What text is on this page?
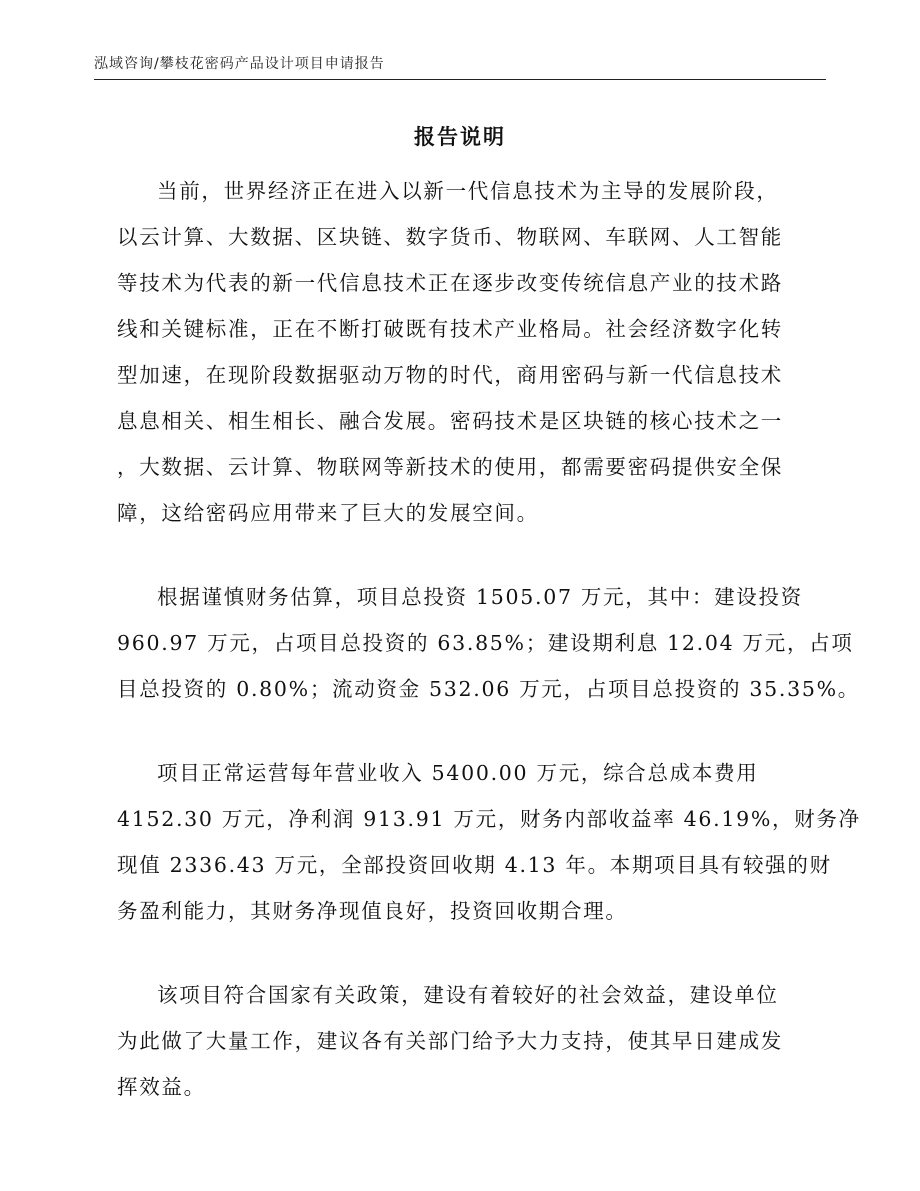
泓域咨询/攀枝花密码产品设计项目申请报告
报告说明
当前，世界经济正在进入以新一代信息技术为主导的发展阶段，
以云计算、大数据、区块链、数字货币、物联网、车联网、人工智能
等技术为代表的新一代信息技术正在逐步改变传统信息产业的技术路
线和关键标准，正在不断打破既有技术产业格局。社会经济数字化转
型加速，在现阶段数据驱动万物的时代，商用密码与新一代信息技术
息息相关、相生相长、融合发展。密码技术是区块链的核心技术之一
，大数据、云计算、物联网等新技术的使用，都需要密码提供安全保
障，这给密码应用带来了巨大的发展空间。
根据谨慎财务估算，项目总投资 1505.07 万元，其中：建设投资
960.97 万元，占项目总投资的 63.85%；建设期利息 12.04 万元，占项
目总投资的 0.80%；流动资金 532.06 万元，占项目总投资的 35.35%。
项目正常运营每年营业收入 5400.00 万元，综合总成本费用
4152.30 万元，净利润 913.91 万元，财务内部收益率 46.19%，财务净
现值 2336.43 万元，全部投资回收期 4.13 年。本期项目具有较强的财
务盈利能力，其财务净现值良好，投资回收期合理。
该项目符合国家有关政策，建设有着较好的社会效益，建设单位
为此做了大量工作，建议各有关部门给予大力支持，使其早日建成发
挥效益。
